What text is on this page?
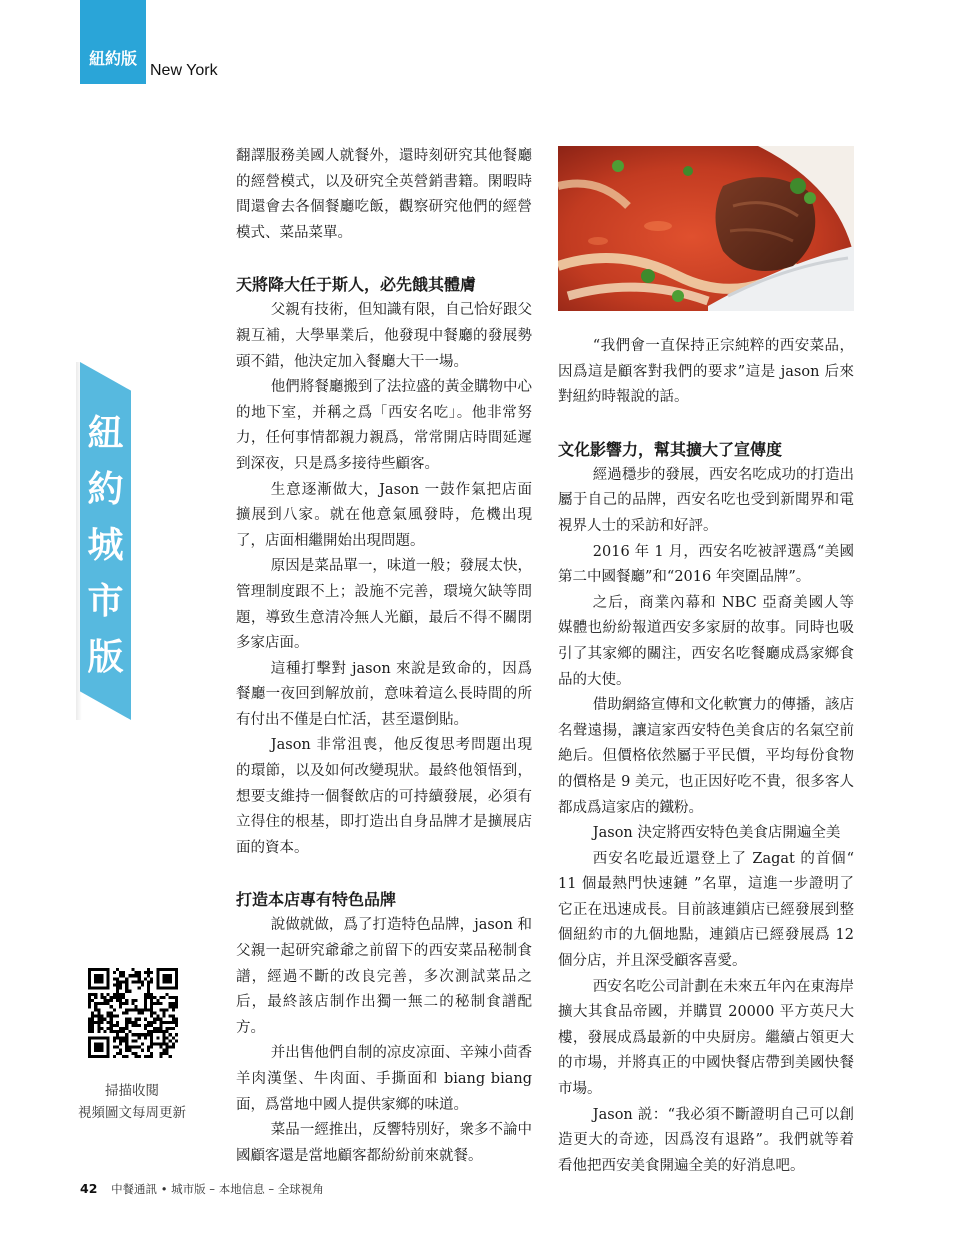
紐約版
New York
紐
約
城
市
版

翻譯服務美國人就餐外，還時刻研究其他餐廳的經營模式，以及研究全英營銷書籍。閑暇時間還會去各個餐廳吃飯，觀察研究他們的經營模式、菜品菜單。

天將降大任于斯人，必先餓其體膚

父親有技術，但知識有限，自己恰好跟父親互補，大學畢業后，他發現中餐廳的發展勢頭不錯，他決定加入餐廳大干一場。

他們將餐廳搬到了法拉盛的黃金購物中心的地下室，并稱之爲「西安名吃」。他非常努力，任何事情都親力親爲，常常開店時間延遲到深夜，只是爲多接待些顧客。

生意逐漸做大，Jason 一鼓作氣把店面擴展到八家。就在他意氣風發時，危機出現了，店面相繼開始出現問題。

原因是菜品單一，味道一般；發展太快，管理制度跟不上；設施不完善，環境欠缺等問題，導致生意清冷無人光顧，最后不得不關閉多家店面。

這種打擊對 jason 來說是致命的，因爲餐廳一夜回到解放前，意味着這么長時間的所有付出不僅是白忙活，甚至還倒貼。

Jason 非常沮喪，他反復思考問題出現的環節，以及如何改變現狀。最終他領悟到，想要支維持一個餐飲店的可持續發展，必須有立得住的根基，即打造出自身品牌才是擴展店面的資本。

打造本店專有特色品牌

說做就做，爲了打造特色品牌，jason 和父親一起研究爺爺之前留下的西安菜品秘制食譜，經過不斷的改良完善，多次測試菜品之后，最終該店制作出獨一無二的秘制食譜配方。

并出售他們自制的凉皮凉面、辛辣小茴香羊肉漢堡、牛肉面、手撕面和 biang biang 面，爲當地中國人提供家鄉的味道。

菜品一經推出，反響特別好，衆多不論中國顧客還是當地顧客都紛紛前來就餐。

“我們會一直保持正宗純粹的西安菜品，因爲這是顧客對我們的要求”這是 jason 后來對紐約時報說的話。

文化影響力，幫其擴大了宣傳度

經過穩步的發展，西安名吃成功的打造出屬于自己的品牌，西安名吃也受到新聞界和電視界人士的采訪和好評。

2016 年 1 月，西安名吃被評選爲“美國第二中國餐廳”和“2016 年突圍品牌”。

之后，商業內幕和 NBC 亞裔美國人等媒體也紛紛報道西安多家厨的故事。同時也吸引了其家鄉的關注，西安名吃餐廳成爲家鄉食品的大使。

借助網絡宣傳和文化軟實力的傳播，該店名聲遠揚，讓這家西安特色美食店的名氣空前絶后。但價格依然屬于平民價，平均每份食物的價格是 9 美元，也正因好吃不貴，很多客人都成爲這家店的鐵粉。

Jason 決定將西安特色美食店開遍全美

西安名吃最近還登上了 Zagat 的首個“ 11 個最熱門快速鏈 ”名單，這進一步證明了它正在迅速成長。目前該連鎖店已經發展到整個紐約市的九個地點，連鎖店已經發展爲 12 個分店，并且深受顧客喜愛。

西安名吃公司計劃在未來五年內在東海岸擴大其食品帝國，并購買 20000 平方英尺大樓，發展成爲最新的中央厨房。繼續占領更大的市場，并將真正的中國快餐店帶到美國快餐市場。

Jason 説：“我必須不斷證明自己可以創造更大的奇迹，因爲沒有退路”。我們就等着看他把西安美食開遍全美的好消息吧。

掃描收閱
視頻圖文每周更新
42 中餐通訊 • 城市版 – 本地信息 – 全球視角
